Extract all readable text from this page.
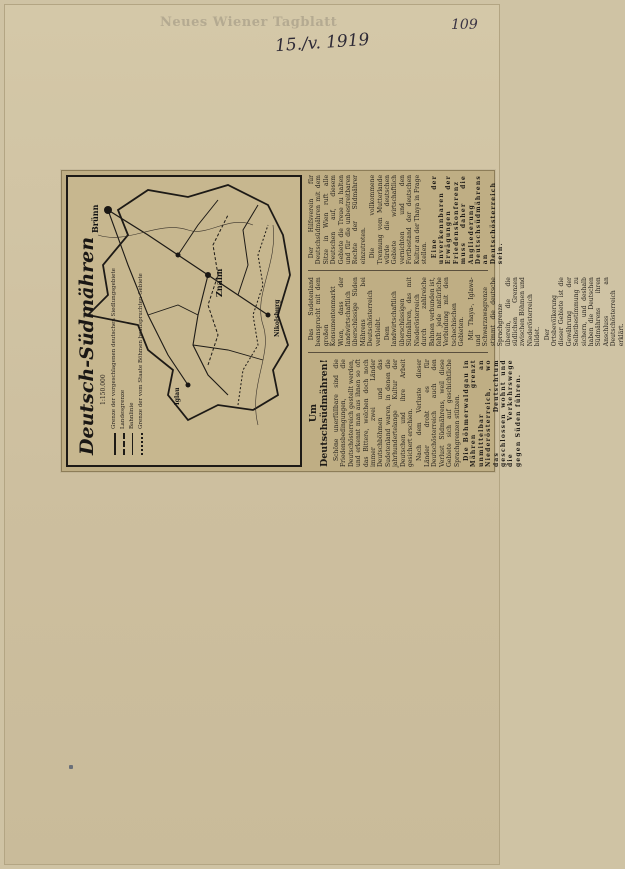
Neues Wiener Tagblatt
15./v. 1919
109
Deutsch-Südmähren 1:150.000 Grenze der vorgeschlagenen deutschen Siedlungsgebiete Landesgrenze Bahnlinie Grenze der vom Staate Böhmen beanspruchten Gebiete
Brünn
Znaim
Nikolsburg
Iglau
Um Deutschsüdmähren! Schöne unerfüllbare sind die Friedensbedingungen, die Deutschösterreich gestellt werden, und erkennt man aus ihnen so oft das Bittere, welchen doch noch immer zwei Länder Deutschböhmen und das Sudetenland waren, in denen die jahrhundertelange Kultur der Deutschen und ihre Arbeit gesichert erschien. Nach dem Verluste dieser Länder droht es für Deutschösterreich auch den Verlust Südmährens, weil diese Gebiete sich auf geschichtliche Sprachgrenzen stützen. Die Böhmerwaldgau in Mähren grenzt unmittelbar an Niederösterreich, wo das Deutschtum geschlossen wohnt und die Verkehrswege gegen Süden führen.

Das Sudetenland beansprucht mit dem großen Konsumentenmarkt Wien, dass der landwirtschaftlich überschüssige Süden Mährens bei Deutschösterreich verbleibt. Dem landwirtschaftlich überschüssigen Südmähren, das mit Niederösterreich durch zahlreiche Bahnen verbunden ist, fehlt jede natürliche Verbindung mit den tschechischen Gebieten. Mit Thaya-, Iglawa- und Schwarzawagrenze stimmt die deutsche Sprachgrenze überein, die die südlichen Grenzen zwischen Böhmen und Niederösterreich bildet. Der Ortsbevölkerung dieser Gebiete ist die Gewährung der Selbstbestimmung zu sichern, und deshalb haben die Deutschen Südmährens ihren Anschluss an Deutschösterreich erklärt.

Der Hilfsverein für Deutschsüdmähren mit dem Sitze in Wien ruft alle Deutschen auf, diesem Gebiete die Treue zu halten und für die unbestreitbaren Rechte der Südmährer einzutreten. Die vollkommene Trennung vom Mutterlande würde die deutschen Gebiete wirtschaftlich vernichten und den Fortbestand der deutschen Kultur an der Thaya in Frage stellen. Eine der unverkennbaren Erwägungen der Friedenskonferenz muss daher die Angliederung Deutschsüdmährens an Deutschösterreich sein.
